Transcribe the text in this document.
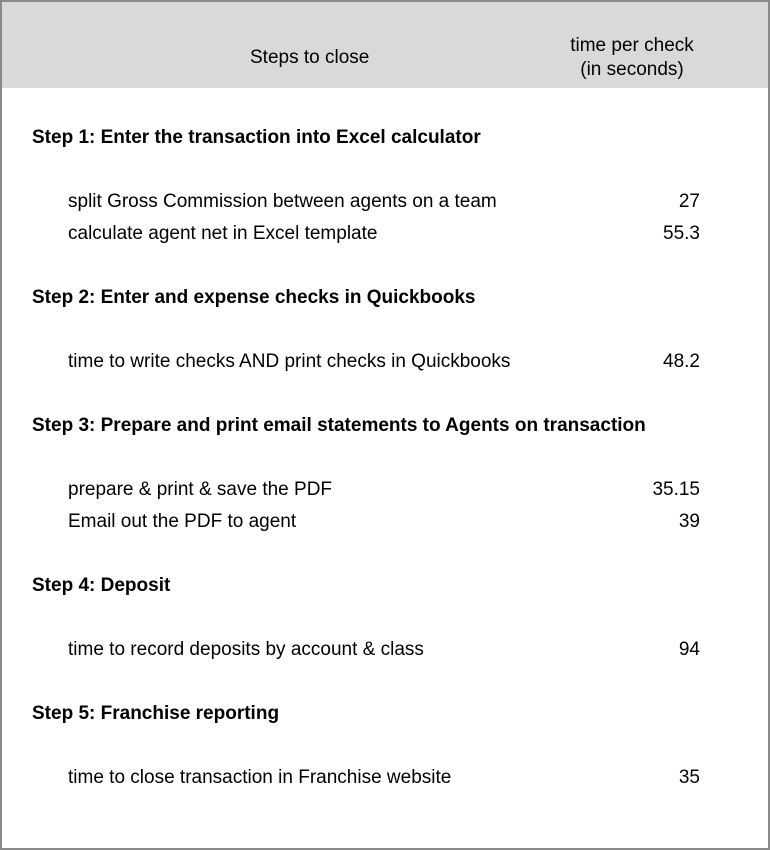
Steps to close
time per check
(in seconds)
Step 1: Enter the transaction into Excel calculator
split Gross Commission between agents on a team	27
calculate agent net in Excel template	55.3
Step 2: Enter and expense checks in Quickbooks
time to write checks AND print checks in Quickbooks	48.2
Step 3: Prepare and print email statements to Agents on transaction
prepare & print & save the PDF	35.15
Email out the PDF to agent	39
Step 4: Deposit
time to record deposits by account & class	94
Step 5: Franchise reporting
time to close transaction in Franchise website	35
